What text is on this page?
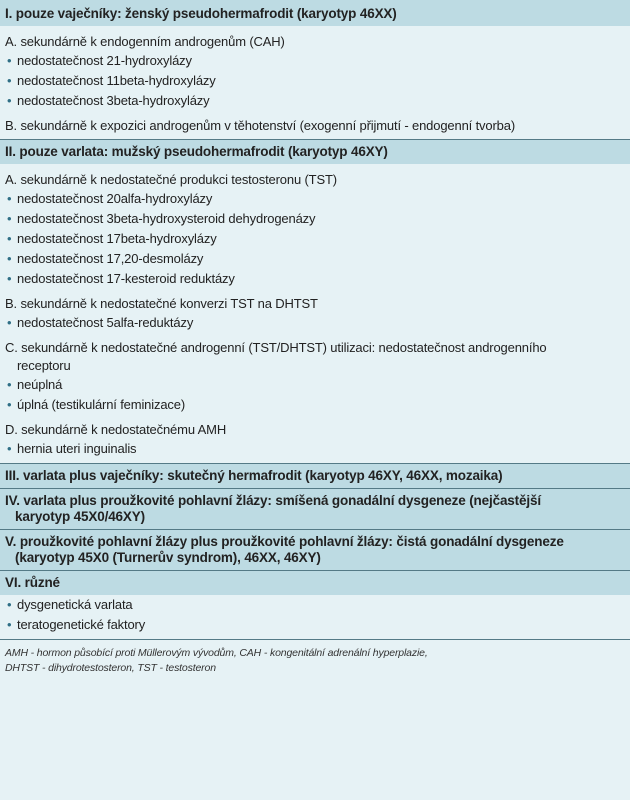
I. pouze vaječníky: ženský pseudohermafrodit (karyotyp 46XX)
A. sekundárně k endogenním androgenům (CAH)
• nedostatečnost 21-hydroxylázy
• nedostatečnost 11beta-hydroxylázy
• nedostatečnost 3beta-hydroxylázy
B. sekundárně k expozici androgenům v těhotenství (exogenní přijmutí - endogenní tvorba)
II. pouze varlata: mužský pseudohermafrodit (karyotyp 46XY)
A. sekundárně k nedostatečné produkci testosteronu (TST)
• nedostatečnost 20alfa-hydroxylázy
• nedostatečnost 3beta-hydroxysteroid dehydrogenázy
• nedostatečnost 17beta-hydroxylázy
• nedostatečnost 17,20-desmolázy
• nedostatečnost 17-kesteroid reduktázy
B. sekundárně k nedostatečné konverzi TST na DHTST
• nedostatečnost 5alfa-reduktázy
C. sekundárně k nedostatečné androgenní (TST/DHTST) utilizaci: nedostatečnost androgenního
receptoru
• neúplná
• úplná (testikulární feminizace)
D. sekundárně k nedostatečnému AMH
• hernia uteri inguinalis
III. varlata plus vaječníky: skutečný hermafrodit (karyotyp 46XY, 46XX, mozaika)
IV. varlata plus proužkovité pohlavní žlázy: smíšená gonadální dysgeneze (nejčastější
karyotyp 45X0/46XY)
V. proužkovité pohlavní žlázy plus proužkovité pohlavní žlázy: čistá gonadální dysgeneze
(karyotyp 45X0 (Turnerův syndrom), 46XX, 46XY)
VI. různé
• dysgenetická varlata
• teratogenetické faktory
AMH - hormon působící proti Müllerovým vývodům, CAH - kongenitální adrenální hyperplazie,
DHTST - dihydrotestosteron, TST - testosteron
